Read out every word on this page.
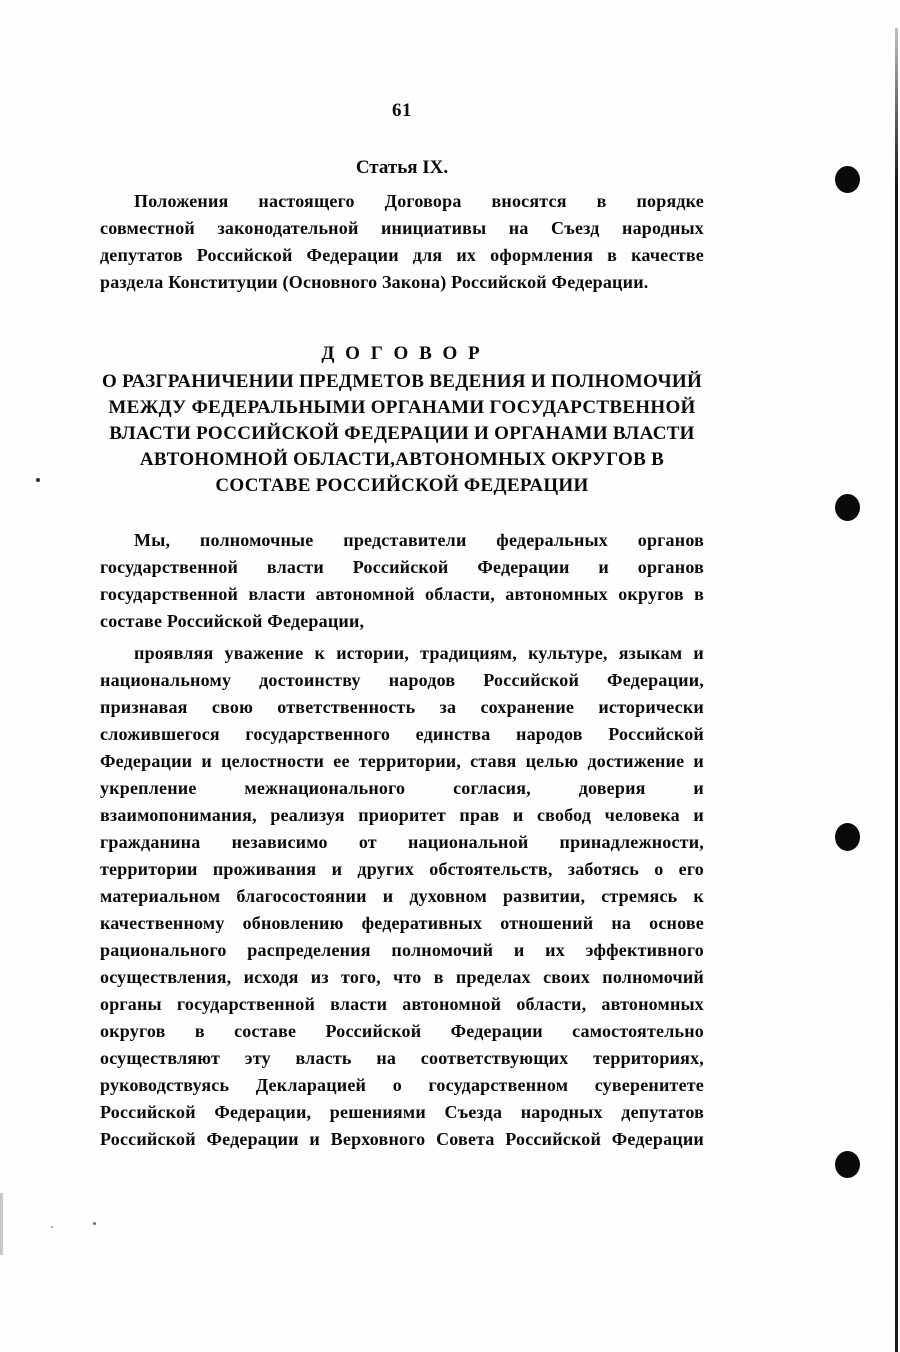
61
Статья IX.
Положения настоящего Договора вносятся в порядке
совместной законодательной инициативы на Съезд народных
депутатов Российской Федерации для их оформления в качестве
раздела Конституции (Основного Закона) Российской Федерации.
Д О Г О В О Р
О РАЗГРАНИЧЕНИИ ПРЕДМЕТОВ ВЕДЕНИЯ И ПОЛНОМОЧИЙ
МЕЖДУ ФЕДЕРАЛЬНЫМИ ОРГАНАМИ ГОСУДАРСТВЕННОЙ
ВЛАСТИ РОССИЙСКОЙ ФЕДЕРАЦИИ И ОРГАНАМИ ВЛАСТИ
АВТОНОМНОЙ ОБЛАСТИ,АВТОНОМНЫХ ОКРУГОВ В
СОСТАВЕ РОССИЙСКОЙ ФЕДЕРАЦИИ
Мы, полномочные представители федеральных органов
государственной власти Российской Федерации и органов
государственной власти автономной области, автономных округов в
составе Российской Федерации,
проявляя уважение к истории, традициям, культуре, языкам и
национальному достоинству народов Российской Федерации,
признавая свою ответственность за сохранение исторически
сложившегося государственного единства народов Российской
Федерации и целостности ее территории, ставя целью достижение и
укрепление межнационального согласия, доверия и
взаимопонимания, реализуя приоритет прав и свобод человека и
гражданина независимо от национальной принадлежности,
территории проживания и других обстоятельств, заботясь о его
материальном благосостоянии и духовном развитии, стремясь к
качественному обновлению федеративных отношений на основе
рационального распределения полномочий и их эффективного
осуществления, исходя из того, что в пределах своих полномочий
органы государственной власти автономной области, автономных
округов в составе Российской Федерации самостоятельно
осуществляют эту власть на соответствующих территориях,
руководствуясь Декларацией о государственном суверенитете
Российской Федерации, решениями Съезда народных депутатов
Российской Федерации и Верховного Совета Российской Федерации
